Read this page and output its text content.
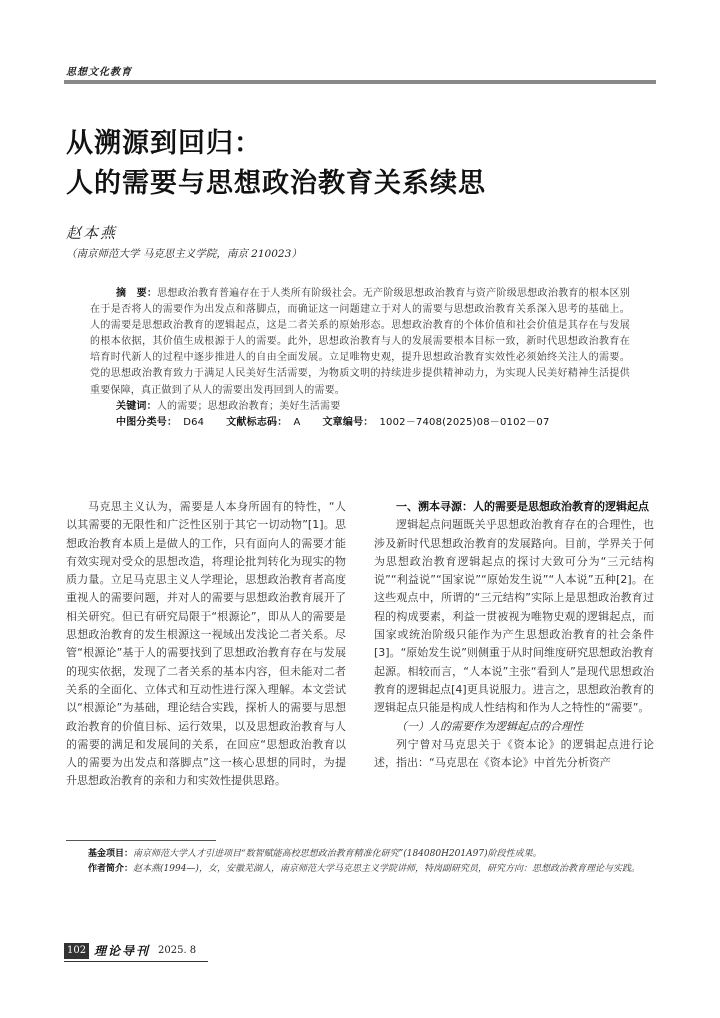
思想文化教育
从溯源到回归：
人的需要与思想政治教育关系续思
赵本燕
（南京师范大学 马克思主义学院，南京 210023）

摘　要：思想政治教育普遍存在于人类所有阶级社会。无产阶级思想政治教育与资产阶级思想政治教育的根本区别在于是否将人的需要作为出发点和落脚点，而确证这一问题建立于对人的需要与思想政治教育关系深入思考的基础上。人的需要是思想政治教育的逻辑起点，这是二者关系的原始形态。思想政治教育的个体价值和社会价值是其存在与发展的根本依据，其价值生成根源于人的需要。此外，思想政治教育与人的发展需要根本目标一致，新时代思想政治教育在培育时代新人的过程中逐步推进人的自由全面发展。立足唯物史观，提升思想政治教育实效性必须始终关注人的需要。党的思想政治教育致力于满足人民美好生活需要，为物质文明的持续进步提供精神动力，为实现人民美好精神生活提供重要保障，真正做到了从人的需要出发再回到人的需要。

关键词：人的需要；思想政治教育；美好生活需要

中图分类号： D64 文献标志码： A 文章编号： 1002－7408(2025)08－0102－07

马克思主义认为，需要是人本身所固有的特性，“人以其需要的无限性和广泛性区别于其它一切动物”[1]。思想政治教育本质上是做人的工作，只有面向人的需要才能有效实现对受众的思想改造，将理论批判转化为现实的物质力量。立足马克思主义人学理论，思想政治教育者高度重视人的需要问题，并对人的需要与思想政治教育展开了相关研究。但已有研究局限于“根源论”，即从人的需要是思想政治教育的发生根源这一视域出发浅论二者关系。尽管“根源论”基于人的需要找到了思想政治教育存在与发展的现实依据，发现了二者关系的基本内容，但未能对二者关系的全面化、立体式和互动性进行深入理解。本文尝试以“根源论”为基础，理论结合实践，探析人的需要与思想政治教育的价值目标、运行效果，以及思想政治教育与人的需要的满足和发展间的关系，在回应“思想政治教育以人的需要为出发点和落脚点”这一核心思想的同时，为提升思想政治教育的亲和力和实效性提供思路。

一、溯本寻源：人的需要是思想政治教育的逻辑起点

逻辑起点问题既关乎思想政治教育存在的合理性，也涉及新时代思想政治教育的发展路向。目前，学界关于何为思想政治教育逻辑起点的探讨大致可分为“三元结构说”“利益说”“国家说”“原始发生说”“人本说”五种[2]。在这些观点中，所谓的“三元结构”实际上是思想政治教育过程的构成要素，利益一贯被视为唯物史观的逻辑起点，而国家或统治阶级只能作为产生思想政治教育的社会条件[3]。“原始发生说”则侧重于从时间维度研究思想政治教育起源。相较而言，“人本说”主张“看到人”是现代思想政治教育的逻辑起点[4]更具说服力。进言之，思想政治教育的逻辑起点只能是构成人性结构和作为人之特性的“需要”。

（一）人的需要作为逻辑起点的合理性

列宁曾对马克思关于《资本论》的逻辑起点进行论述，指出：“马克思在《资本论》中首先分析资产

基金项目：南京师范大学人才引进项目“数智赋能高校思想政治教育精准化研究”(184080H201A97)阶段性成果。

作者简介：赵本燕(1994—)，女，安徽芜湖人，南京师范大学马克思主义学院讲师，特岗副研究员，研究方向：思想政治教育理论与实践。

102 理论导刊 2025. 8
